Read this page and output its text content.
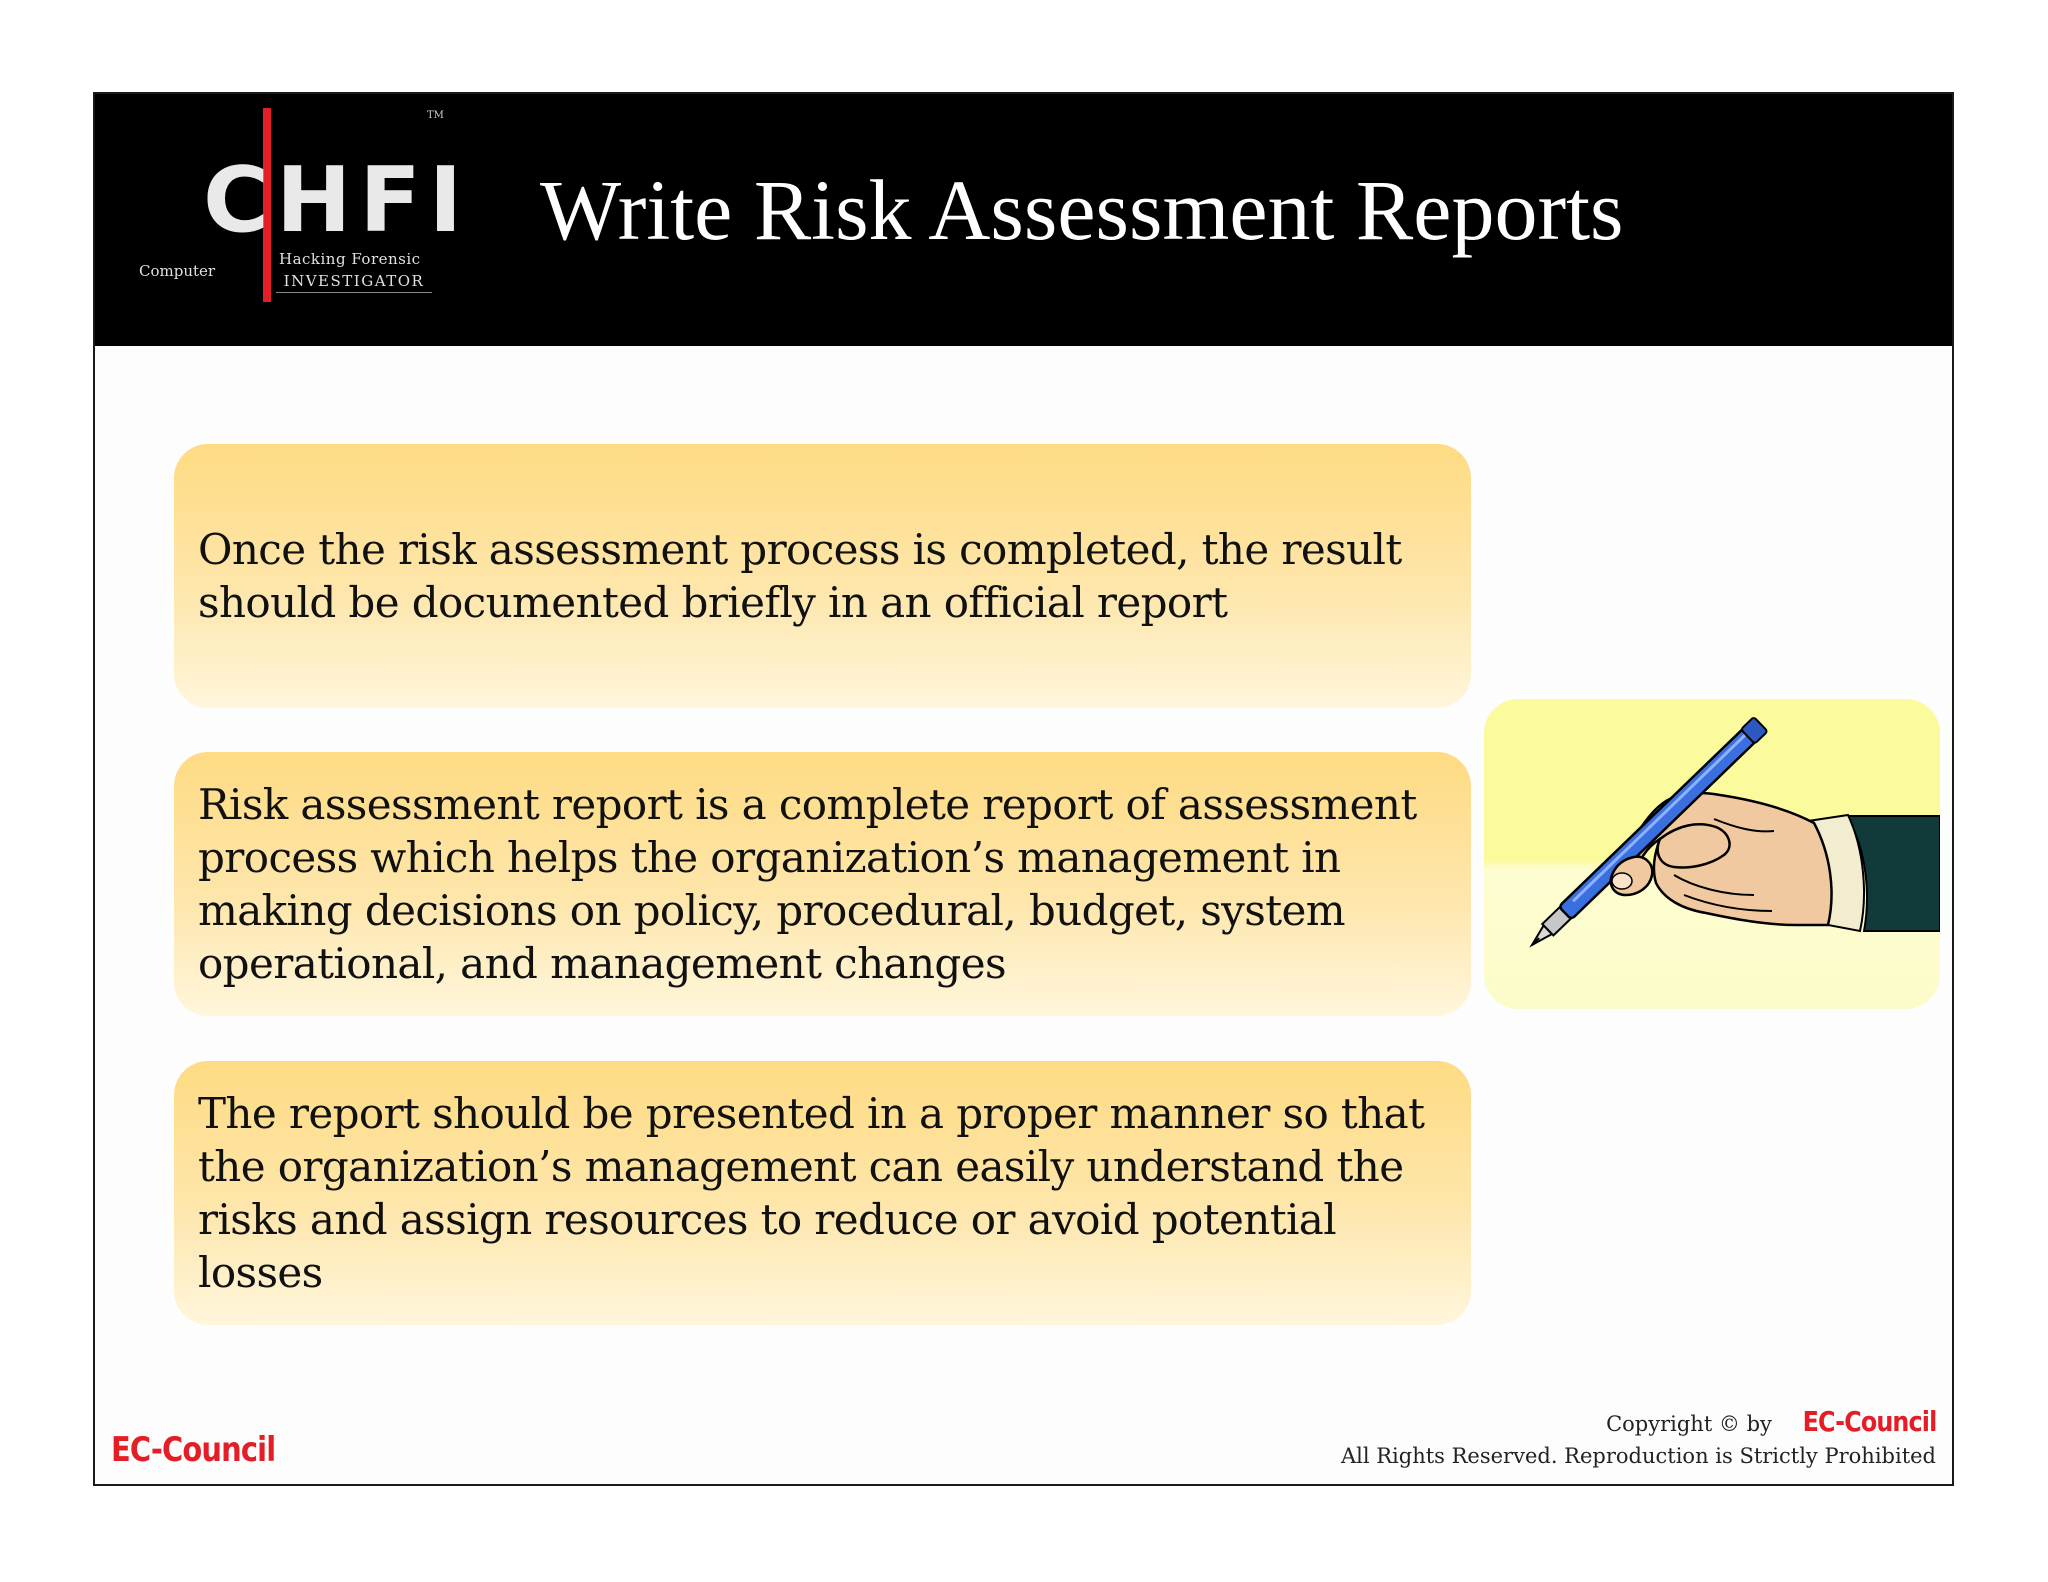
C HFI
TM
Computer
Hacking Forensic
INVESTIGATOR
Write Risk Assessment Reports
Once the risk assessment process is completed, the result
should be documented briefly in an official report
Risk assessment report is a complete report of assessment
process which helps the organization’s management in
making decisions on policy, procedural, budget, system
operational, and management changes
The report should be presented in a proper manner so that
the organization’s management can easily understand the
risks and assign resources to reduce or avoid potential losses
EC-Council
Copyright © by EC-Council
All Rights Reserved. Reproduction is Strictly Prohibited
